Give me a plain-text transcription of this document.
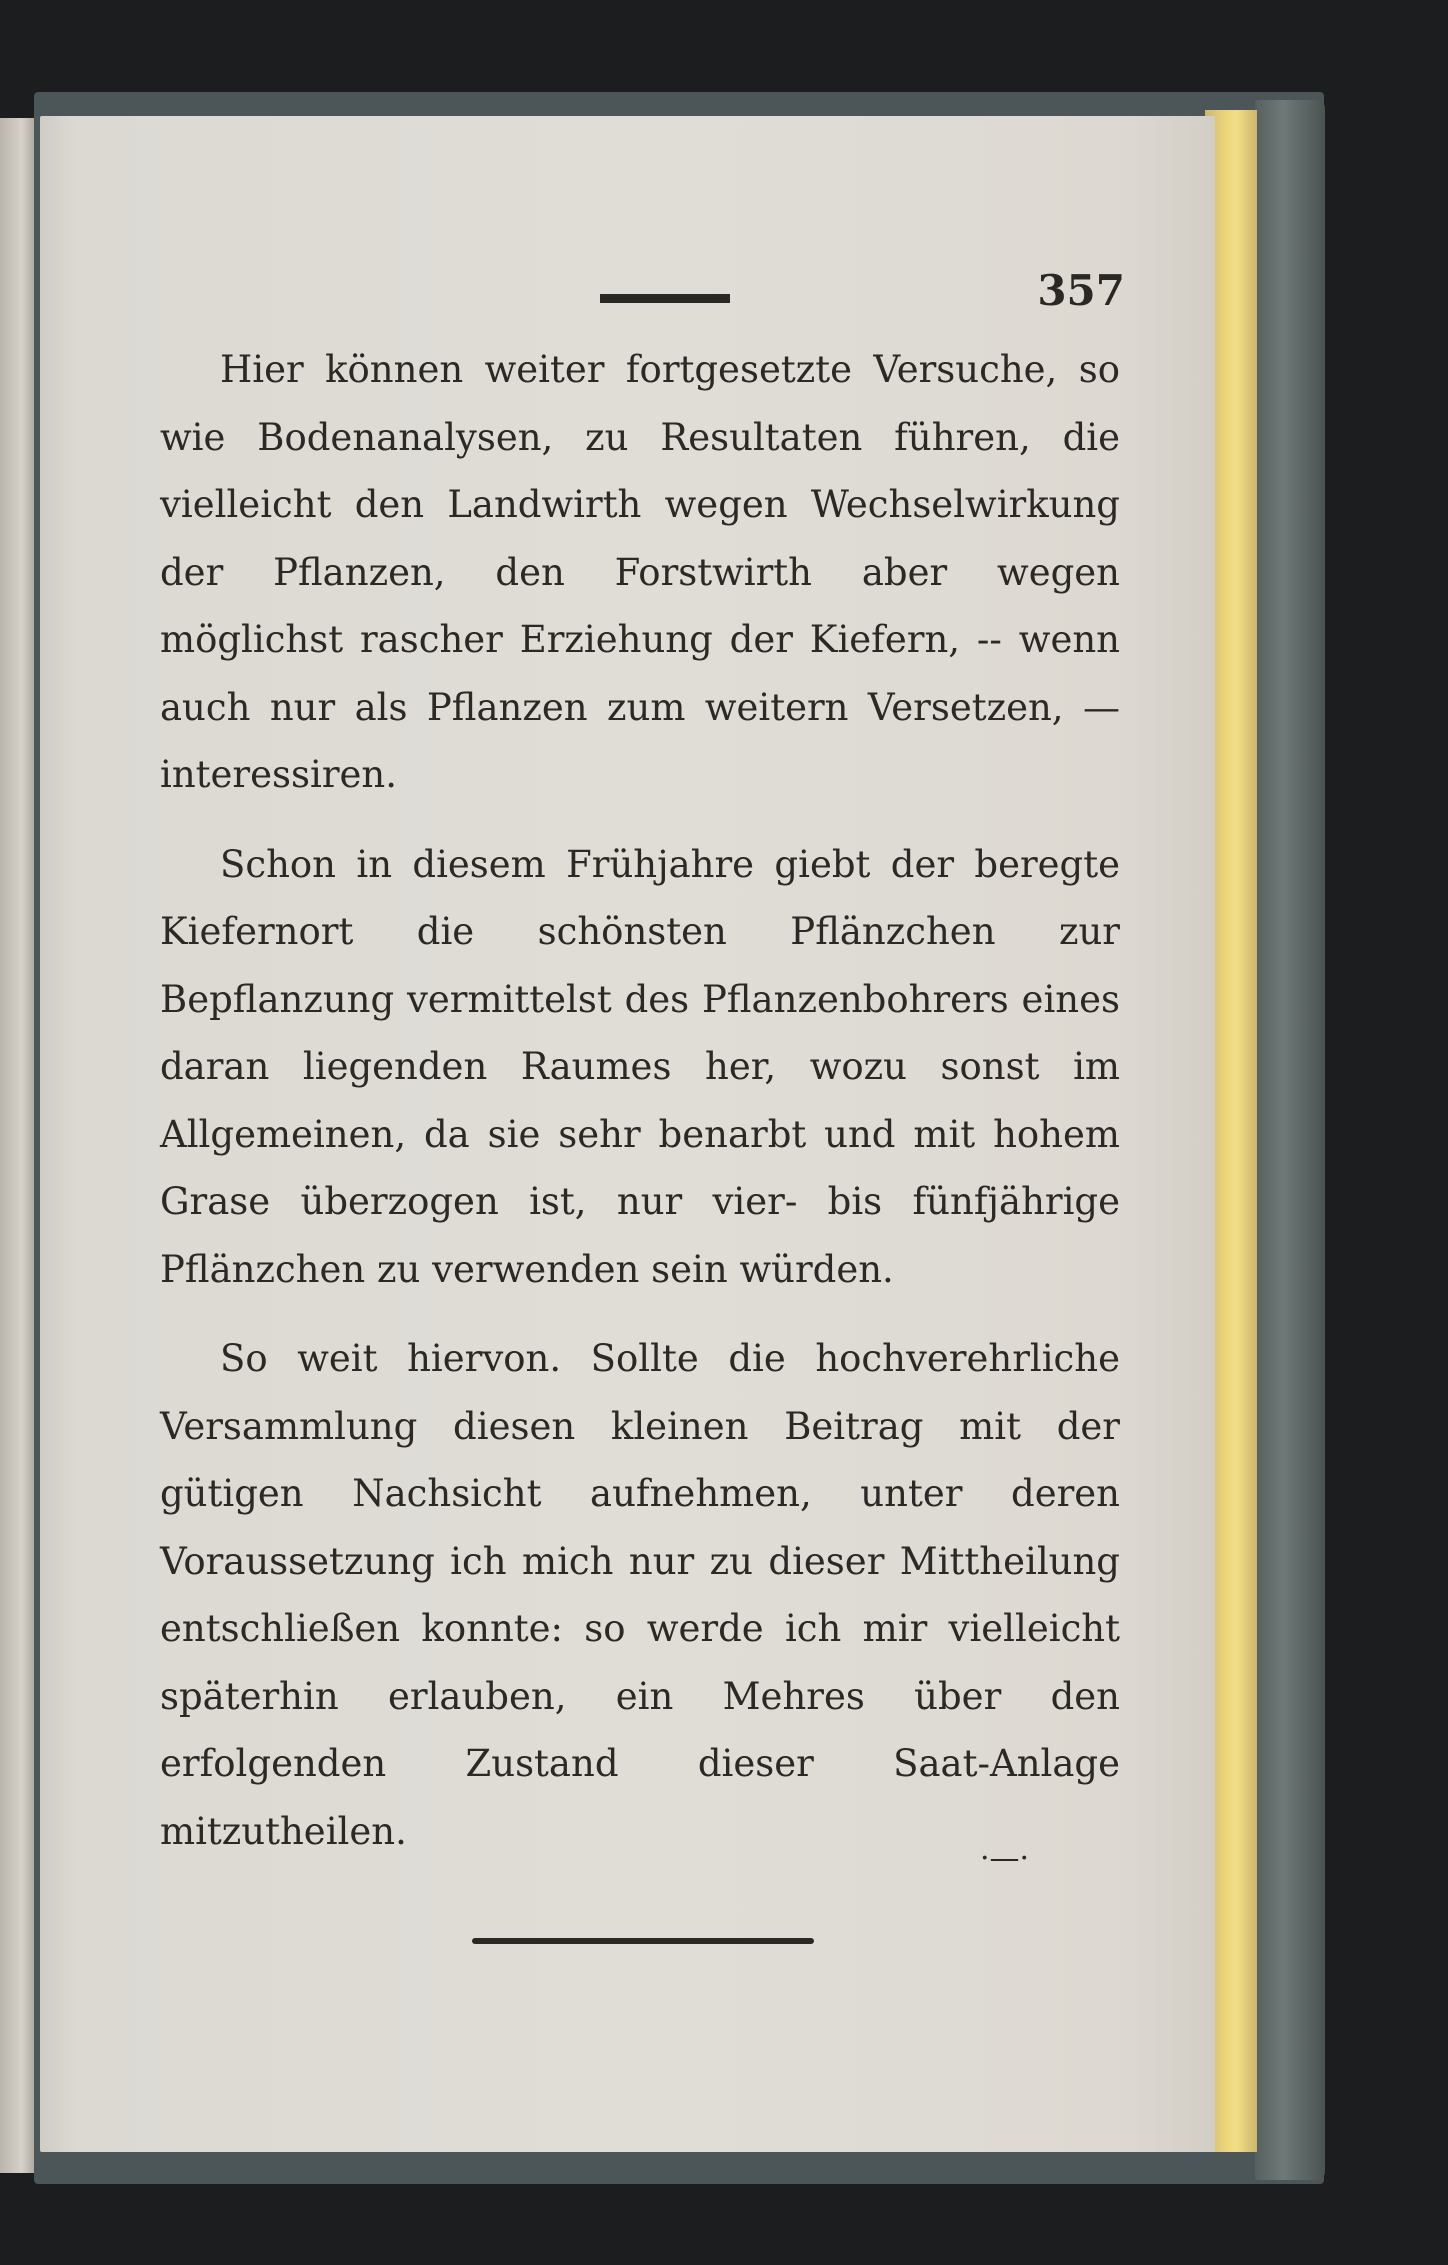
357

Hier können weiter fortgesetzte Versuche, so wie Bodenanalysen, zu Resultaten führen, die vielleicht den Landwirth wegen Wechselwirkung der Pflanzen, den Forstwirth aber wegen möglichst rascher Erziehung der Kiefern, -- wenn auch nur als Pflanzen zum weitern Versetzen, — interessiren.

Schon in diesem Frühjahre giebt der beregte Kiefernort die schönsten Pflänzchen zur Bepflanzung vermittelst des Pflanzenbohrers eines daran liegenden Raumes her, wozu sonst im Allgemeinen, da sie sehr benarbt und mit hohem Grase überzogen ist, nur vier- bis fünfjährige Pflänzchen zu verwenden sein würden.

So weit hiervon. Sollte die hochverehrliche Versammlung diesen kleinen Beitrag mit der gütigen Nachsicht aufnehmen, unter deren Voraussetzung ich mich nur zu dieser Mittheilung entschließen konnte: so werde ich mir vielleicht späterhin erlauben, ein Mehres über den erfolgenden Zustand dieser Saat-Anlage mitzutheilen.

·—·
